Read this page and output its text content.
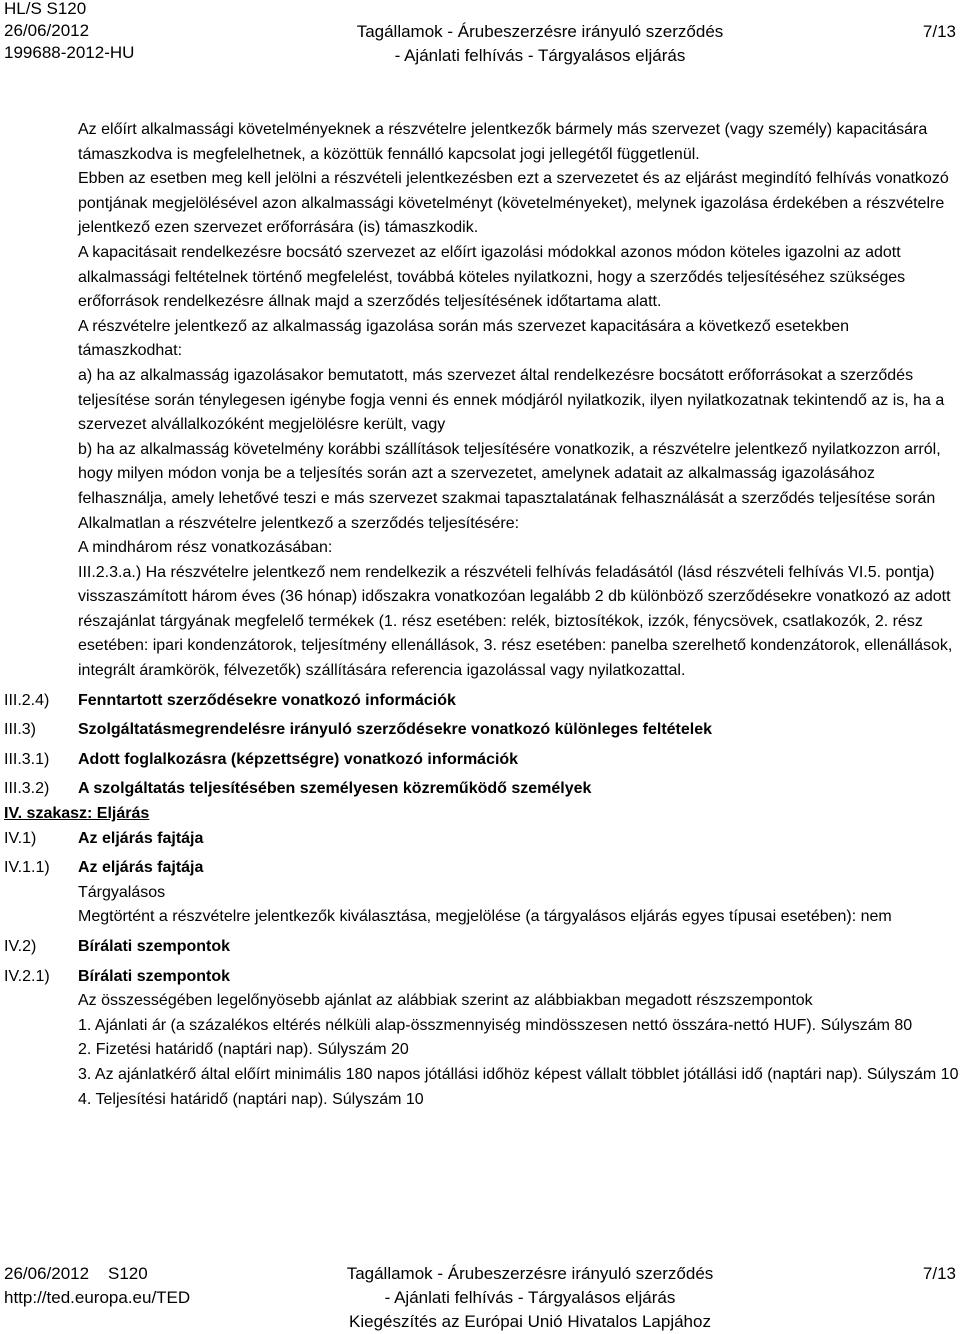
HL/S S120
26/06/2012
199688-2012-HU
Tagállamok - Árubeszerzésre irányuló szerződés
- Ajánlati felhívás - Tárgyalásos eljárás
7/13
Az előírt alkalmassági követelményeknek a részvételre jelentkezők bármely más szervezet (vagy személy) kapacitására támaszkodva is megfelelhetnek, a közöttük fennálló kapcsolat jogi jellegétől függetlenül.
Ebben az esetben meg kell jelölni a részvételi jelentkezésben ezt a szervezetet és az eljárást megindító felhívás vonatkozó pontjának megjelölésével azon alkalmassági követelményt (követelményeket), melynek igazolása érdekében a részvételre jelentkező ezen szervezet erőforrására (is) támaszkodik.
A kapacitásait rendelkezésre bocsátó szervezet az előírt igazolási módokkal azonos módon köteles igazolni az adott alkalmassági feltételnek történő megfelelést, továbbá köteles nyilatkozni, hogy a szerződés teljesítéséhez szükséges erőforrások rendelkezésre állnak majd a szerződés teljesítésének időtartama alatt.
A részvételre jelentkező az alkalmasság igazolása során más szervezet kapacitására a következő esetekben támaszkodhat:
a) ha az alkalmasság igazolásakor bemutatott, más szervezet által rendelkezésre bocsátott erőforrásokat a szerződés teljesítése során ténylegesen igénybe fogja venni és ennek módjáról nyilatkozik, ilyen nyilatkozatnak tekintendő az is, ha a szervezet alvállalkozóként megjelölésre került, vagy
b) ha az alkalmasság követelmény korábbi szállítások teljesítésére vonatkozik, a részvételre jelentkező nyilatkozzon arról, hogy milyen módon vonja be a teljesítés során azt a szervezetet, amelynek adatait az alkalmasság igazolásához felhasználja, amely lehetővé teszi e más szervezet szakmai tapasztalatának felhasználását a szerződés teljesítése során
Alkalmatlan a részvételre jelentkező a szerződés teljesítésére:
A mindhárom rész vonatkozásában:
III.2.3.a.) Ha részvételre jelentkező nem rendelkezik a részvételi felhívás feladásától (lásd részvételi felhívás VI.5. pontja) visszaszámított három éves (36 hónap) időszakra vonatkozóan legalább 2 db különböző szerződésekre vonatkozó az adott részajánlat tárgyának megfelelő termékek (1. rész esetében: relék, biztosítékok, izzók, fénycsövek, csatlakozók, 2. rész esetében: ipari kondenzátorok, teljesítmény ellenállások, 3. rész esetében: panelba szerelhető kondenzátorok, ellenállások, integrált áramkörök, félvezetők) szállítására referencia igazolással vagy nyilatkozattal.
III.2.4)	Fenntartott szerződésekre vonatkozó információk
III.3)	Szolgáltatásmegrendelésre irányuló szerződésekre vonatkozó különleges feltételek
III.3.1)	Adott foglalkozásra (képzettségre) vonatkozó információk
III.3.2)	A szolgáltatás teljesítésében személyesen közreműködő személyek
IV. szakasz: Eljárás
IV.1)	Az eljárás fajtája
IV.1.1)	Az eljárás fajtája
Tárgyalásos
Megtörtént a részvételre jelentkezők kiválasztása, megjelölése (a tárgyalásos eljárás egyes típusai esetében): nem
IV.2)	Bírálati szempontok
IV.2.1)	Bírálati szempontok
Az összességében legelőnyösebb ajánlat az alábbiak szerint az alábbiakban megadott részszempontok
1. Ajánlati ár (a százalékos eltérés nélküli alap-összmennyiség mindösszesen nettó összára-nettó HUF). Súlyszám 80
2. Fizetési határidő (naptári nap). Súlyszám 20
3. Az ajánlatkérő által előírt minimális 180 napos jótállási időhöz képest vállalt többlet jótállási idő (naptári nap). Súlyszám 10
4. Teljesítési határidő (naptári nap). Súlyszám 10
26/06/2012    S120
http://ted.europa.eu/TED
Tagállamok - Árubeszerzésre irányuló szerződés
- Ajánlati felhívás - Tárgyalásos eljárás
Kiegészítés az Európai Unió Hivatalos Lapjához
7/13
